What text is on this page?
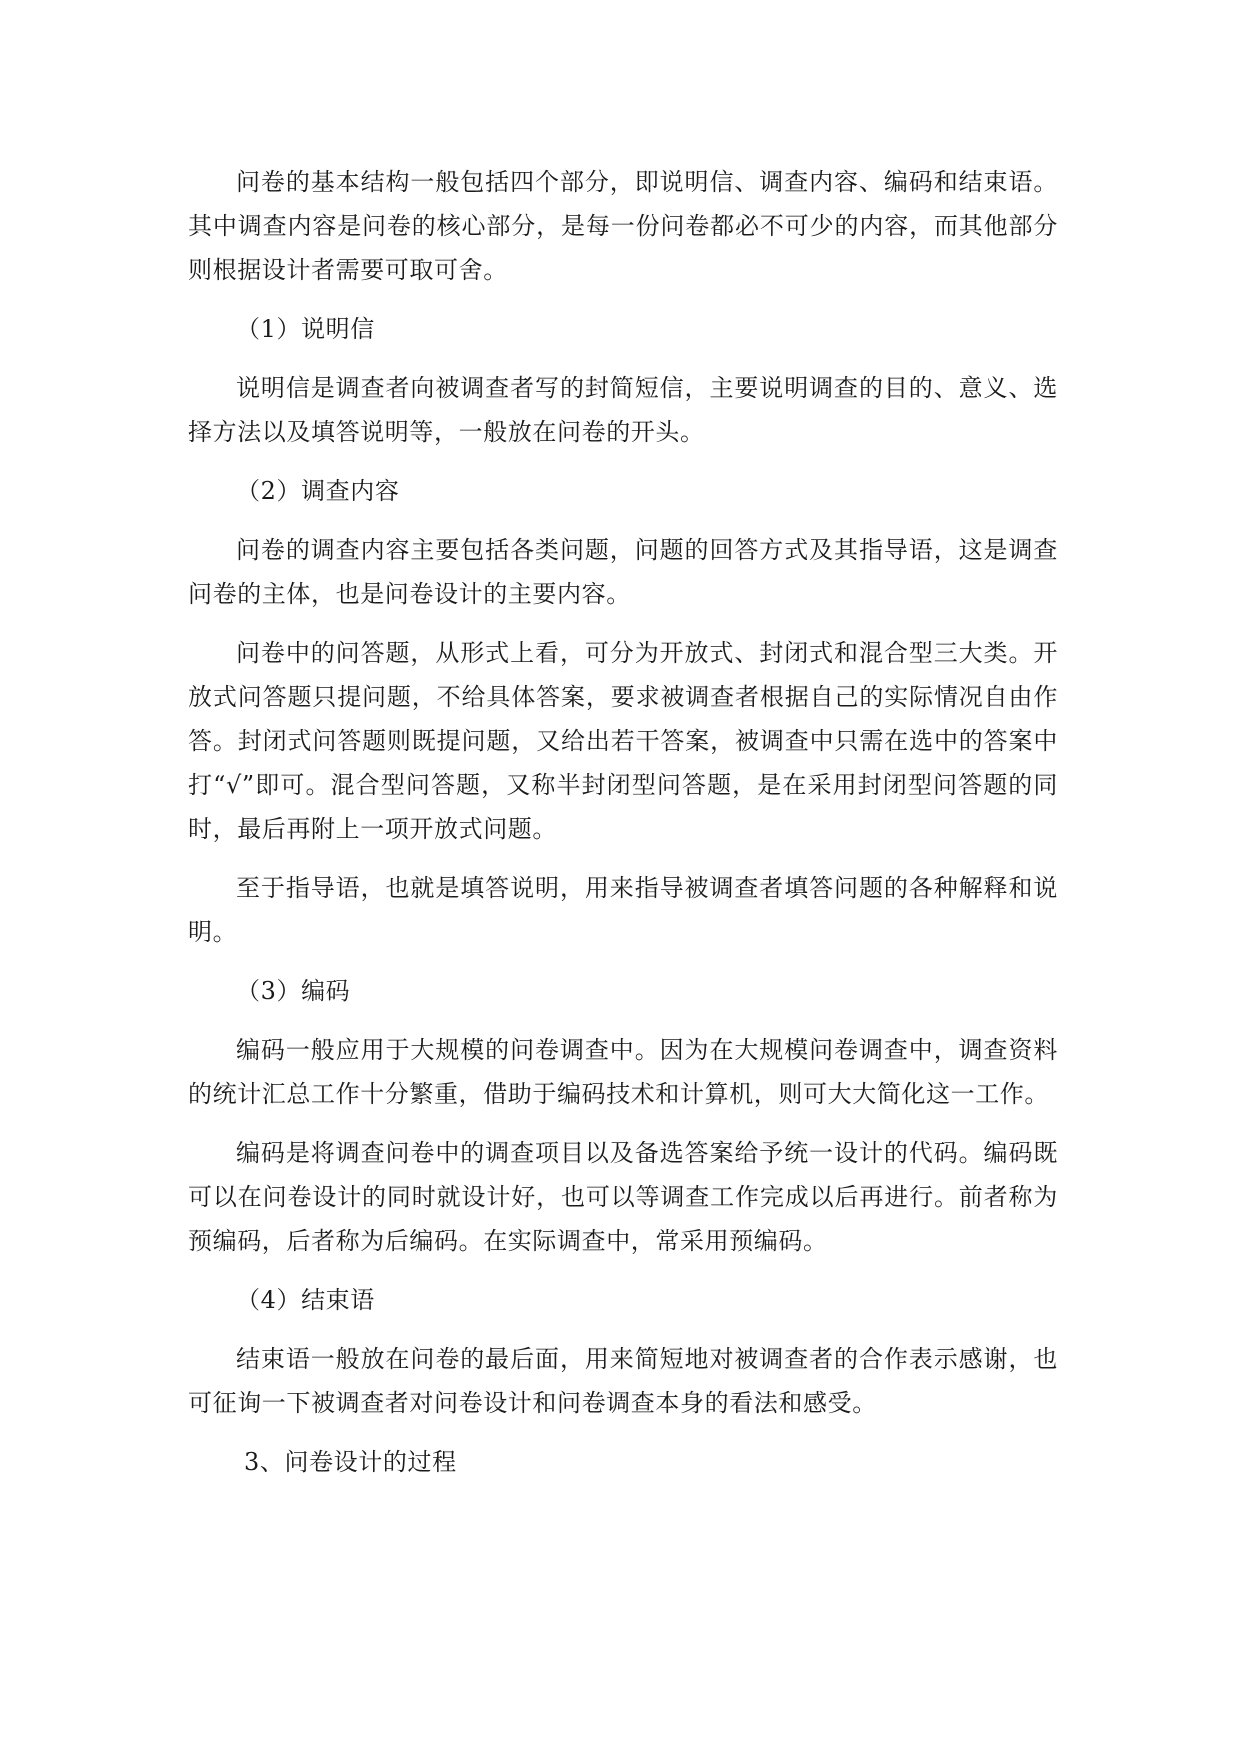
问卷的基本结构一般包括四个部分，即说明信、调查内容、编码和结束语。其中调查内容是问卷的核心部分，是每一份问卷都必不可少的内容，而其他部分则根据设计者需要可取可舍。

（1）说明信

说明信是调查者向被调查者写的封简短信，主要说明调查的目的、意义、选择方法以及填答说明等，一般放在问卷的开头。

（2）调查内容

问卷的调查内容主要包括各类问题，问题的回答方式及其指导语，这是调查问卷的主体，也是问卷设计的主要内容。

问卷中的问答题，从形式上看，可分为开放式、封闭式和混合型三大类。开放式问答题只提问题，不给具体答案，要求被调查者根据自己的实际情况自由作答。封闭式问答题则既提问题，又给出若干答案，被调查中只需在选中的答案中打“√”即可。混合型问答题，又称半封闭型问答题，是在采用封闭型问答题的同时，最后再附上一项开放式问题。

至于指导语，也就是填答说明，用来指导被调查者填答问题的各种解释和说明。

（3）编码

编码一般应用于大规模的问卷调查中。因为在大规模问卷调查中，调查资料的统计汇总工作十分繁重，借助于编码技术和计算机，则可大大简化这一工作。

编码是将调查问卷中的调查项目以及备选答案给予统一设计的代码。编码既可以在问卷设计的同时就设计好，也可以等调查工作完成以后再进行。前者称为预编码，后者称为后编码。在实际调查中，常采用预编码。

（4）结束语

结束语一般放在问卷的最后面，用来简短地对被调查者的合作表示感谢，也可征询一下被调查者对问卷设计和问卷调查本身的看法和感受。

3、问卷设计的过程
